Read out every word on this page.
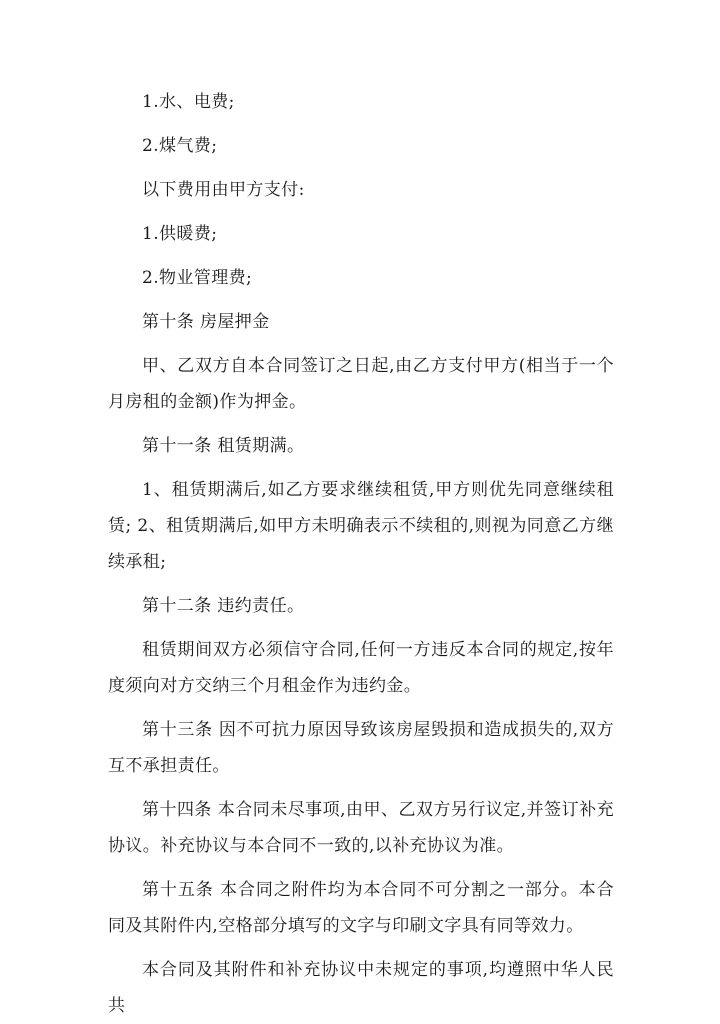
1.水、电费;

2.煤气费;

以下费用由甲方支付:

1.供暖费;

2.物业管理费;

第十条 房屋押金

甲、乙双方自本合同签订之日起,由乙方支付甲方(相当于一个月房租的金额)作为押金。

第十一条 租赁期满。

1、租赁期满后,如乙方要求继续租赁,甲方则优先同意继续租赁; 2、租赁期满后,如甲方未明确表示不续租的,则视为同意乙方继续承租;

第十二条 违约责任。

租赁期间双方必须信守合同,任何一方违反本合同的规定,按年度须向对方交纳三个月租金作为违约金。

第十三条 因不可抗力原因导致该房屋毁损和造成损失的,双方互不承担责任。

第十四条 本合同未尽事项,由甲、乙双方另行议定,并签订补充协议。补充协议与本合同不一致的,以补充协议为准。

第十五条 本合同之附件均为本合同不可分割之一部分。本合同及其附件内,空格部分填写的文字与印刷文字具有同等效力。

本合同及其附件和补充协议中未规定的事项,均遵照中华人民共
